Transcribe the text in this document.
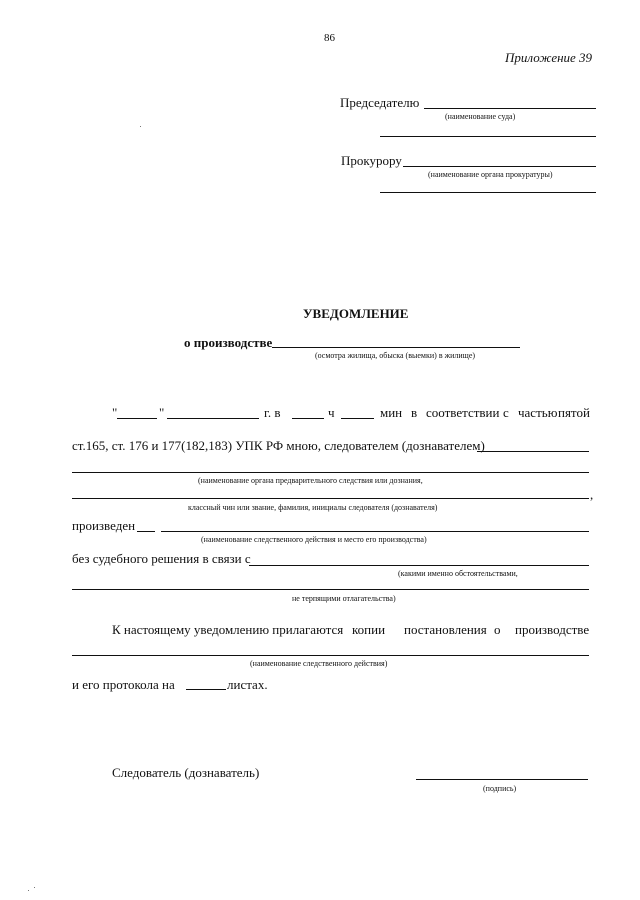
86
Приложение 39
Председателю
(наименование суда)
Прокурору
(наименование органа прокуратуры)
УВЕДОМЛЕНИЕ
о производстве
(осмотра жилища, обыска (выемки) в жилище)
"	"	г. в	ч	мин в соответствии с частью пятой
ст.165, ст. 176 и 177(182,183) УПК РФ мною, следователем (дознавателем)
(наименование органа предварительного следствия или дознания,
,
классный чин или звание, фамилия, инициалы следователя (дознавателя)
произведен
(наименование следственного действия и место его производства)
без судебного решения в связи с
(какими именно обстоятельствами,
не терпящими отлагательства)
К настоящему уведомлению прилагаются копии постановления о производстве
(наименование следственного действия)
и его протокола на	листах.
Следователь (дознаватель)
(подпись)
